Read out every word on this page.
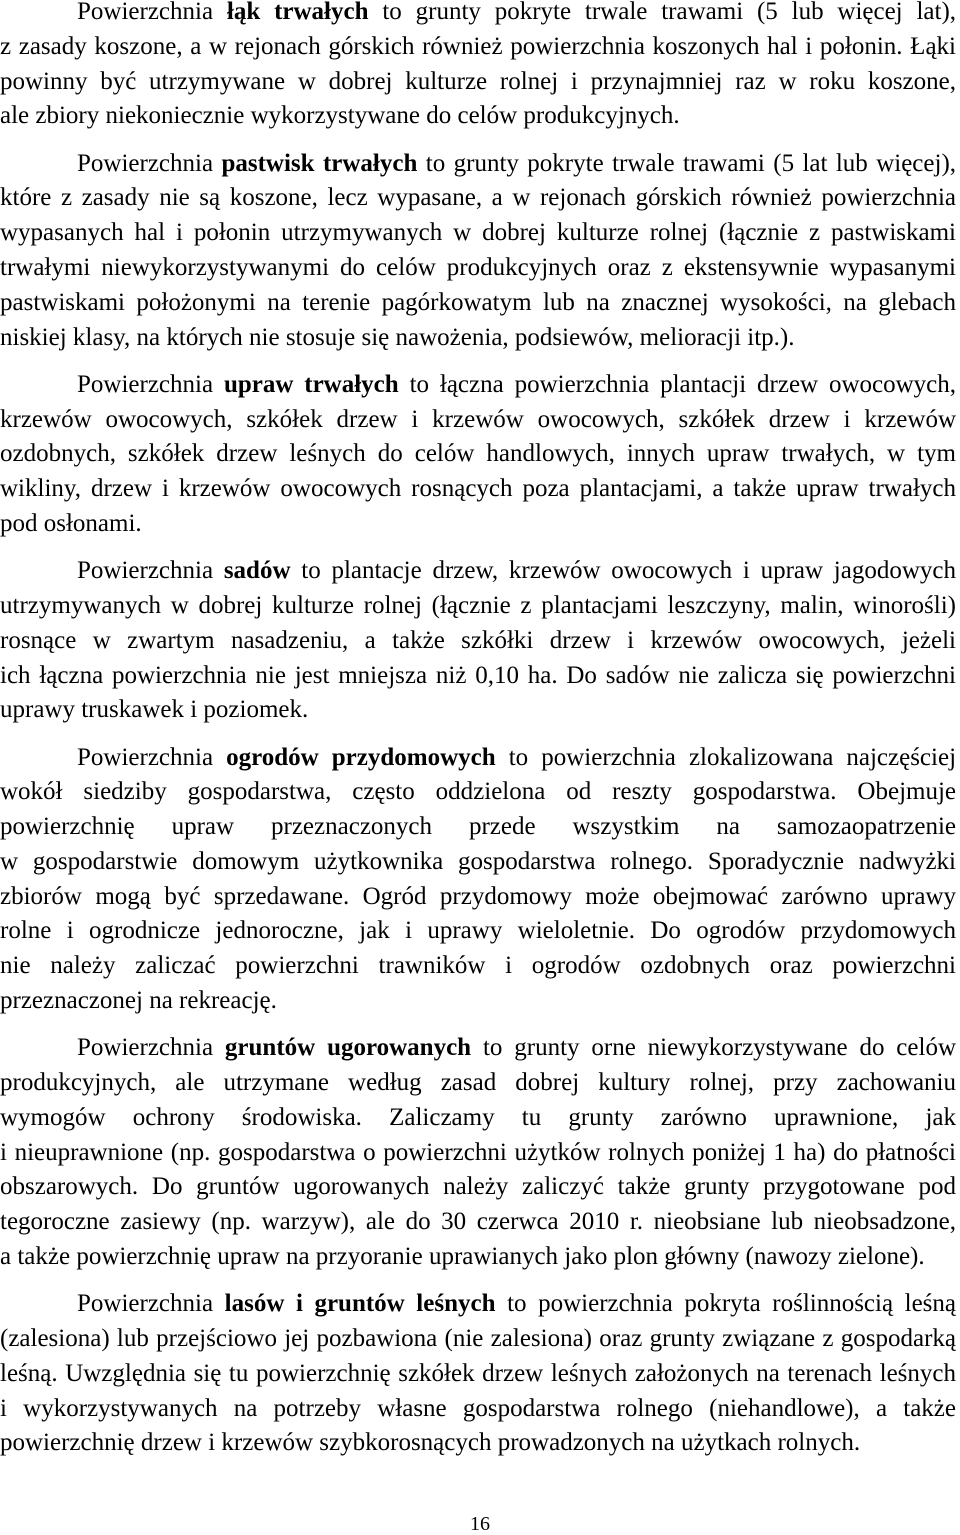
Powierzchnia łąk trwałych to grunty pokryte trwale trawami (5 lub więcej lat),
z zasady koszone, a w rejonach górskich również powierzchnia koszonych hal i połonin. Łąki
powinny być utrzymywane w dobrej kulturze rolnej i przynajmniej raz w roku koszone,
ale zbiory niekoniecznie wykorzystywane do celów produkcyjnych.
Powierzchnia pastwisk trwałych to grunty pokryte trwale trawami (5 lat lub więcej),
które z zasady nie są koszone, lecz wypasane, a w rejonach górskich również powierzchnia
wypasanych hal i połonin utrzymywanych w dobrej kulturze rolnej (łącznie z pastwiskami
trwałymi niewykorzystywanymi do celów produkcyjnych oraz z ekstensywnie wypasanymi
pastwiskami położonymi na terenie pagórkowatym lub na znacznej wysokości, na glebach
niskiej klasy, na których nie stosuje się nawożenia, podsiewów, melioracji itp.).
Powierzchnia upraw trwałych to łączna powierzchnia plantacji drzew owocowych,
krzewów owocowych, szkółek drzew i krzewów owocowych, szkółek drzew i krzewów
ozdobnych, szkółek drzew leśnych do celów handlowych, innych upraw trwałych, w tym
wikliny, drzew i krzewów owocowych rosnących poza plantacjami, a także upraw trwałych
pod osłonami.
Powierzchnia sadów to plantacje drzew, krzewów owocowych i upraw jagodowych
utrzymywanych w dobrej kulturze rolnej (łącznie z plantacjami leszczyny, malin, winorośli)
rosnące w zwartym nasadzeniu, a także szkółki drzew i krzewów owocowych, jeżeli
ich łączna powierzchnia nie jest mniejsza niż 0,10 ha. Do sadów nie zalicza się powierzchni
uprawy truskawek i poziomek.
Powierzchnia ogrodów przydomowych to powierzchnia zlokalizowana najczęściej
wokół siedziby gospodarstwa, często oddzielona od reszty gospodarstwa. Obejmuje
powierzchnię upraw przeznaczonych przede wszystkim na samozaopatrzenie
w gospodarstwie domowym użytkownika gospodarstwa rolnego. Sporadycznie nadwyżki
zbiorów mogą być sprzedawane. Ogród przydomowy może obejmować zarówno uprawy
rolne i ogrodnicze jednoroczne, jak i uprawy wieloletnie. Do ogrodów przydomowych
nie należy zaliczać powierzchni trawników i ogrodów ozdobnych oraz powierzchni
przeznaczonej na rekreację.
Powierzchnia gruntów ugorowanych to grunty orne niewykorzystywane do celów
produkcyjnych, ale utrzymane według zasad dobrej kultury rolnej, przy zachowaniu
wymogów ochrony środowiska. Zaliczamy tu grunty zarówno uprawnione, jak
i nieuprawnione (np. gospodarstwa o powierzchni użytków rolnych poniżej 1 ha) do płatności
obszarowych. Do gruntów ugorowanych należy zaliczyć także grunty przygotowane pod
tegoroczne zasiewy (np. warzyw), ale do 30 czerwca 2010 r. nieobsiane lub nieobsadzone,
a także powierzchnię upraw na przyoranie uprawianych jako plon główny (nawozy zielone).
Powierzchnia lasów i gruntów leśnych to powierzchnia pokryta roślinnością leśną
(zalesiona) lub przejściowo jej pozbawiona (nie zalesiona) oraz grunty związane z gospodarką
leśną. Uwzględnia się tu powierzchnię szkółek drzew leśnych założonych na terenach leśnych
i wykorzystywanych na potrzeby własne gospodarstwa rolnego (niehandlowe), a także
powierzchnię drzew i krzewów szybkorosnących prowadzonych na użytkach rolnych.
16
